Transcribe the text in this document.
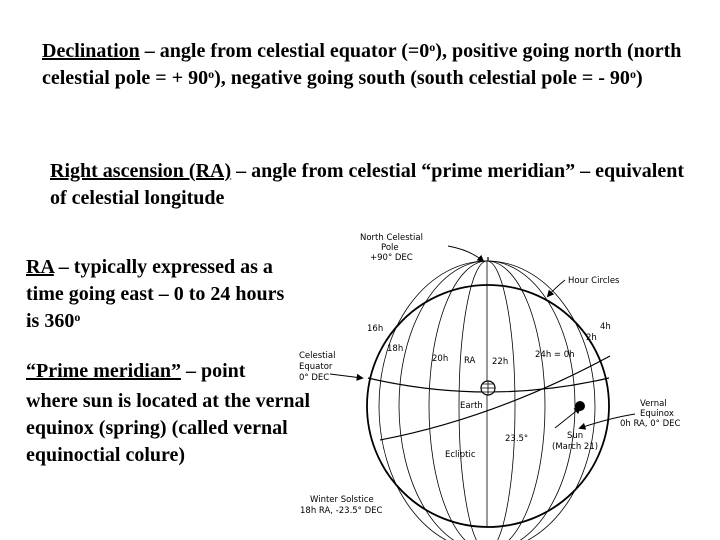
Declination – angle from celestial equator $(=0^o)$, positive going north (north celestial pole = + $90^o$), negative going south (south celestial pole = - 90$^o$)

Right ascension (RA) – angle from celestial “prime meridian” – equivalent of celestial longitude

RA – typically expressed as a time going east – 0 to 24 hours is 360$^o$

“Prime meridian” – point
where sun is located at the vernal equinox (spring) (called vernal equinoctial colure)

North Celestial
Pole
+90° DEC
Hour Circles
16h
18h
20h RA 22h
24h = 0h
2h
4h
Celestial
Equator
0° DEC
Earth
Ecliptic
23.5°	Sun
(March 21)
Vernal
Equinox
0h RA, 0° DEC
Winter Solstice
18h RA, -23.5° DEC
